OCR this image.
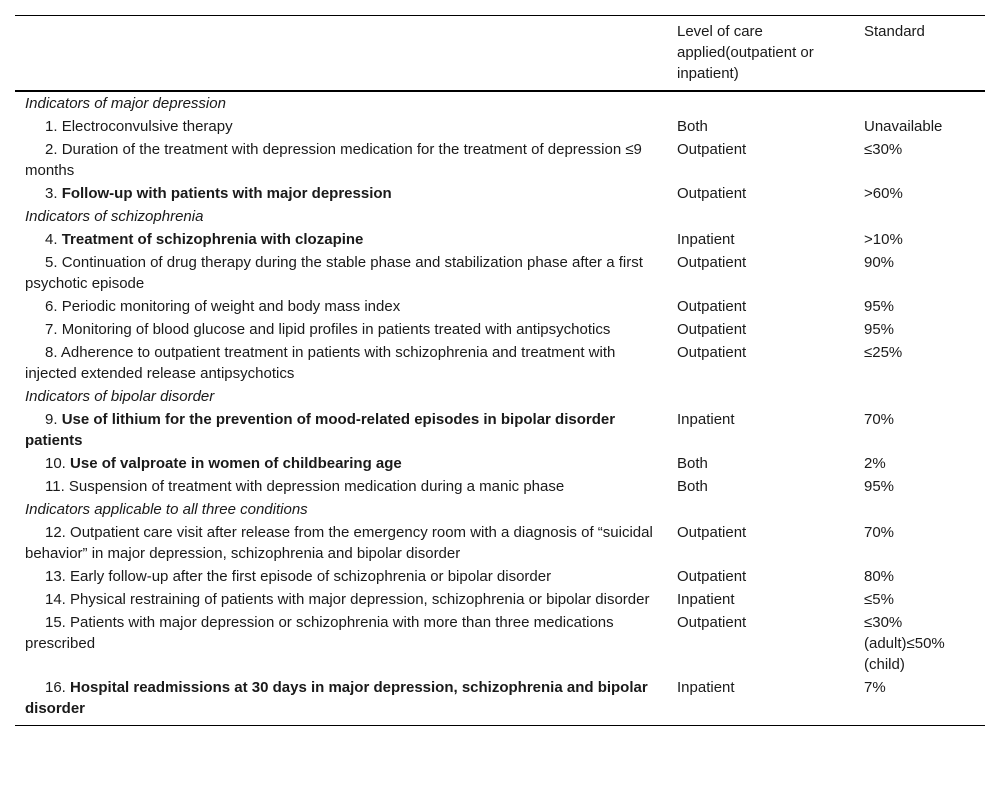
	Level of care applied(outpatient or inpatient)	Standard
Indicators of major depression		
1. Electroconvulsive therapy	Both	Unavailable
2. Duration of the treatment with depression medication for the treatment of depression ≤9 months	Outpatient	≤30%
3. Follow-up with patients with major depression	Outpatient	>60%
Indicators of schizophrenia		
4. Treatment of schizophrenia with clozapine	Inpatient	>10%
5. Continuation of drug therapy during the stable phase and stabilization phase after a first psychotic episode	Outpatient	90%
6. Periodic monitoring of weight and body mass index	Outpatient	95%
7. Monitoring of blood glucose and lipid profiles in patients treated with antipsychotics	Outpatient	95%
8. Adherence to outpatient treatment in patients with schizophrenia and treatment with injected extended release antipsychotics	Outpatient	≤25%
Indicators of bipolar disorder		
9. Use of lithium for the prevention of mood-related episodes in bipolar disorder patients	Inpatient	70%
10. Use of valproate in women of childbearing age	Both	2%
11. Suspension of treatment with depression medication during a manic phase	Both	95%
Indicators applicable to all three conditions		
12. Outpatient care visit after release from the emergency room with a diagnosis of “suicidal behavior” in major depression, schizophrenia and bipolar disorder	Outpatient	70%
13. Early follow-up after the first episode of schizophrenia or bipolar disorder	Outpatient	80%
14. Physical restraining of patients with major depression, schizophrenia or bipolar disorder	Inpatient	≤5%
15. Patients with major depression or schizophrenia with more than three medications prescribed	Outpatient	≤30% (adult)≤50% (child)
16. Hospital readmissions at 30 days in major depression, schizophrenia and bipolar disorder	Inpatient	7%
